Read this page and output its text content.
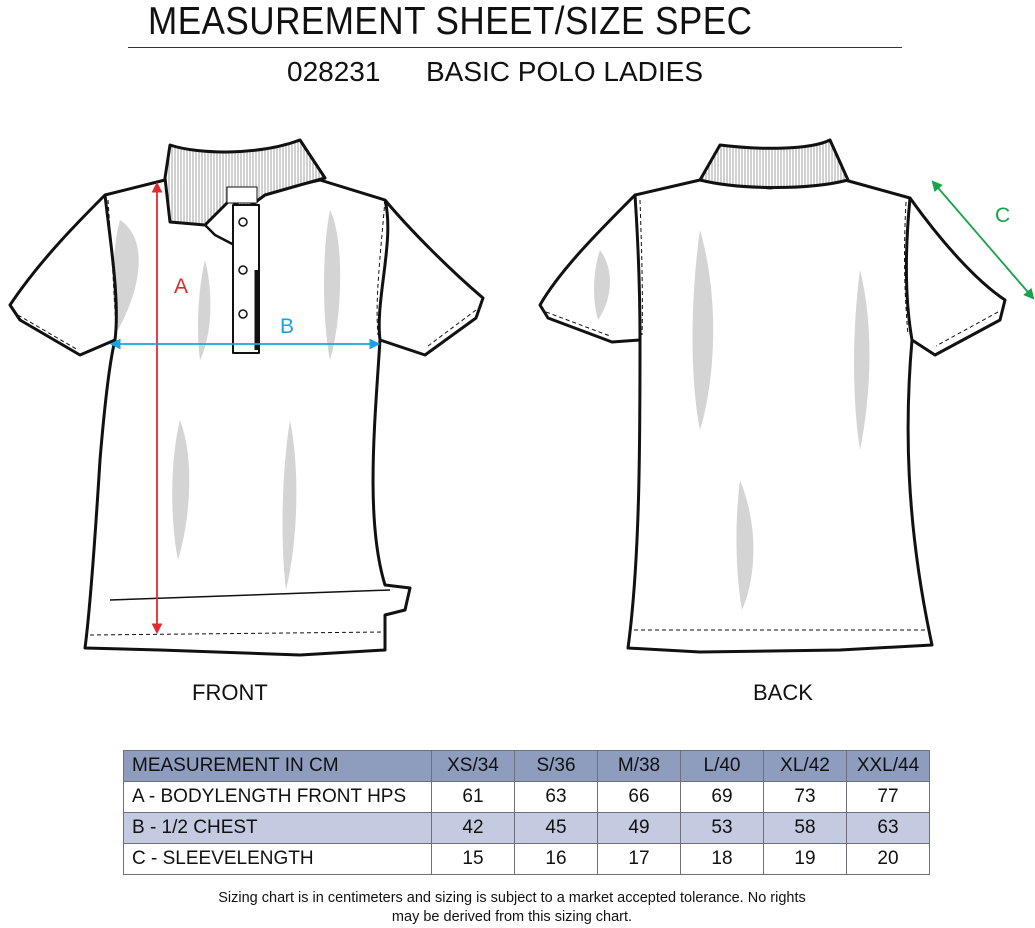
MEASUREMENT SHEET/SIZE SPEC
028231 BASIC POLO LADIES
A
B
C
FRONT	BACK
MEASUREMENT IN CM	XS/34	S/36	M/38	L/40	XL/42	XXL/44
A - BODYLENGTH FRONT HPS	61	63	66	69	73	77
B - 1/2 CHEST	42	45	49	53	58	63
C - SLEEVELENGTH	15	16	17	18	19	20
Sizing chart is in centimeters and sizing is subject to a market accepted tolerance. No rights
may be derived from this sizing chart.
